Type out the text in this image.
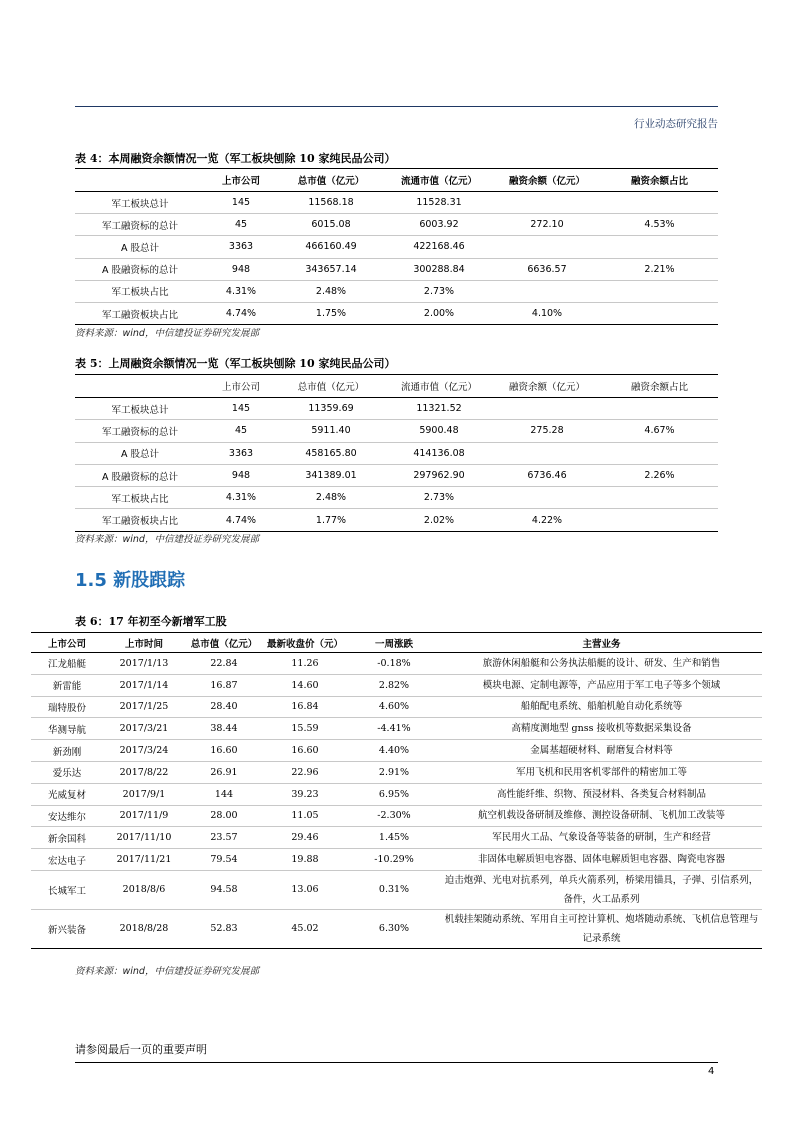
行业动态研究报告
表 4：本周融资余额情况一览（军工板块刨除 10 家纯民品公司）
	上市公司	总市值（亿元）	流通市值（亿元）	融资余额（亿元）	融资余额占比
军工板块总计	145	11568.18	11528.31		
军工融资标的总计	45	6015.08	6003.92	272.10	4.53%
A 股总计	3363	466160.49	422168.46		
A 股融资标的总计	948	343657.14	300288.84	6636.57	2.21%
军工板块占比	4.31%	2.48%	2.73%		
军工融资板块占比	4.74%	1.75%	2.00%	4.10%	
资料来源：wind，中信建投证券研究发展部
表 5：上周融资余额情况一览（军工板块刨除 10 家纯民品公司）
	上市公司	总市值（亿元）	流通市值（亿元）	融资余额（亿元）	融资余额占比
军工板块总计	145	11359.69	11321.52		
军工融资标的总计	45	5911.40	5900.48	275.28	4.67%
A 股总计	3363	458165.80	414136.08		
A 股融资标的总计	948	341389.01	297962.90	6736.46	2.26%
军工板块占比	4.31%	2.48%	2.73%		
军工融资板块占比	4.74%	1.77%	2.02%	4.22%	
资料来源：wind，中信建投证券研究发展部
1.5 新股跟踪
表 6：17 年初至今新增军工股
上市公司	上市时间	总市值（亿元）	最新收盘价（元）	一周涨跌	主营业务
江龙船艇	2017/1/13	22.84	11.26	-0.18%	旅游休闲船艇和公务执法船艇的设计、研发、生产和销售
新雷能	2017/1/14	16.87	14.60	2.82%	模块电源、定制电源等，产品应用于军工电子等多个领域
瑞特股份	2017/1/25	28.40	16.84	4.60%	船舶配电系统、船舶机舱自动化系统等
华测导航	2017/3/21	38.44	15.59	-4.41%	高精度测地型 gnss 接收机等数据采集设备
新劲刚	2017/3/24	16.60	16.60	4.40%	金属基超硬材料、耐磨复合材料等
爱乐达	2017/8/22	26.91	22.96	2.91%	军用飞机和民用客机零部件的精密加工等
光威复材	2017/9/1	144	39.23	6.95%	高性能纤维、织物、预浸材料、各类复合材料制品
安达维尔	2017/11/9	28.00	11.05	-2.30%	航空机载设备研制及维修、测控设备研制、飞机加工改装等
新余国科	2017/11/10	23.57	29.46	1.45%	军民用火工品、气象设备等装备的研制，生产和经营
宏达电子	2017/11/21	79.54	19.88	-10.29%	非固体电解质钽电容器、固体电解质钽电容器、陶瓷电容器
长城军工	2018/8/6	94.58	13.06	0.31%	迫击炮弹、光电对抗系列，单兵火箭系列，桥梁用锚具，子弹、引信系列，备件，火工品系列
新兴装备	2018/8/28	52.83	45.02	6.30%	机载挂架随动系统、军用自主可控计算机、炮塔随动系统、飞机信息管理与记录系统
资料来源：wind，中信建投证券研究发展部
请参阅最后一页的重要声明
4
